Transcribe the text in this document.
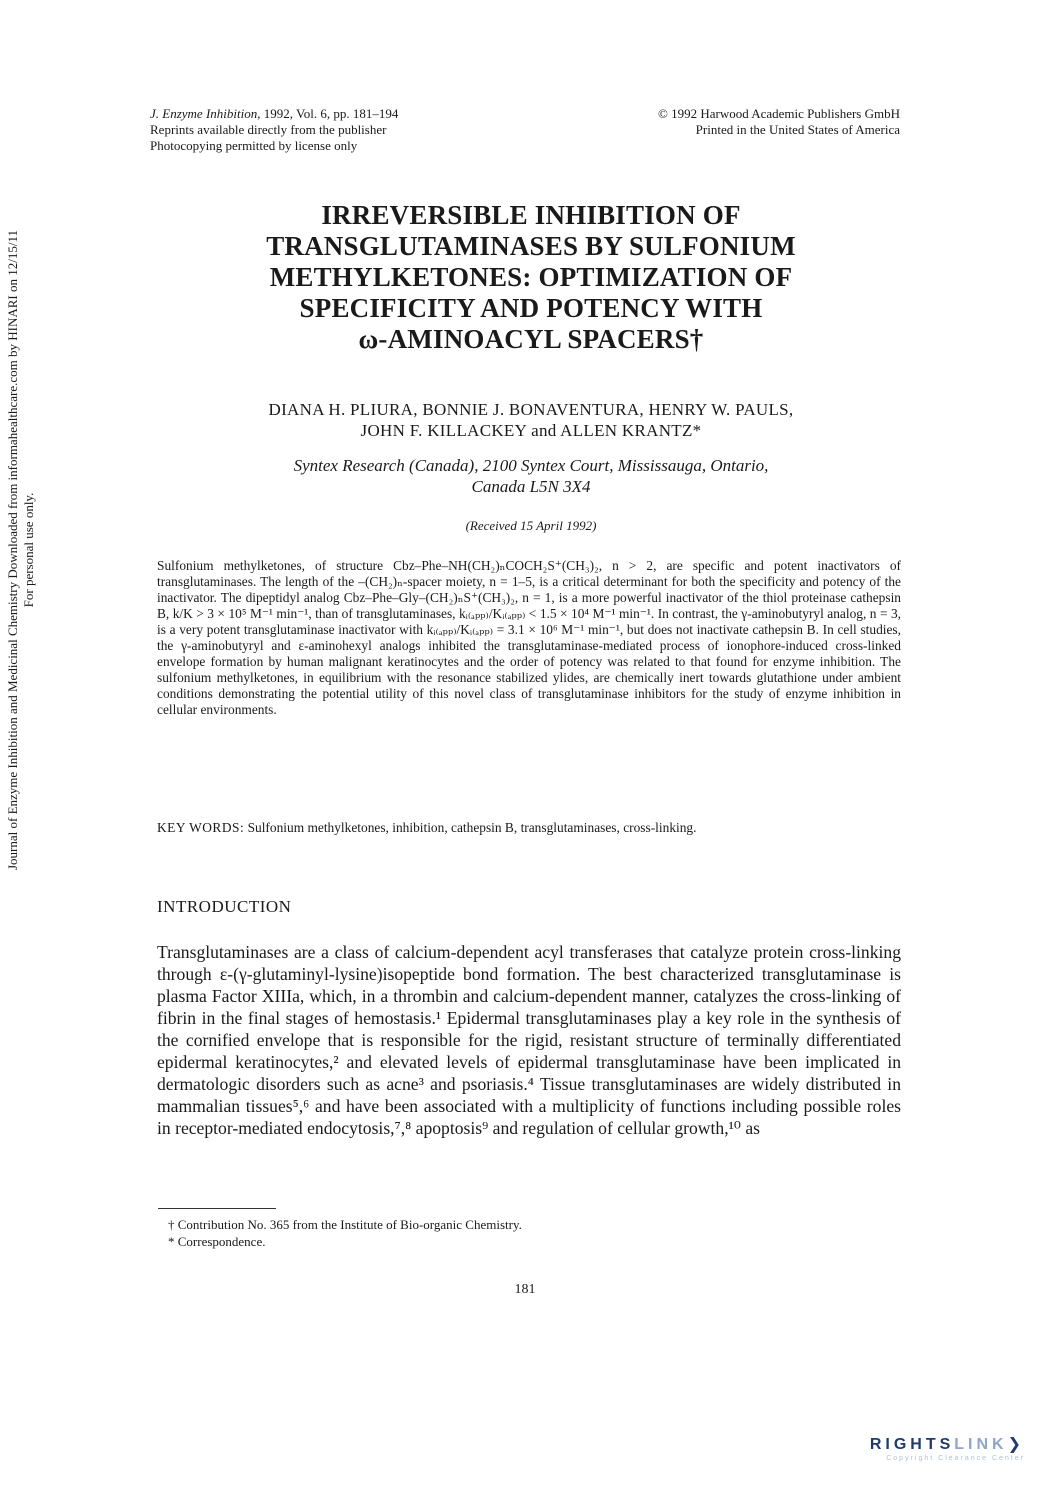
J. Enzyme Inhibition, 1992, Vol. 6, pp. 181–194
Reprints available directly from the publisher
Photocopying permitted by license only
© 1992 Harwood Academic Publishers GmbH
Printed in the United States of America
Journal of Enzyme Inhibition and Medicinal Chemistry Downloaded from informahealthcare.com by HINARI on 12/15/11 For personal use only.
IRREVERSIBLE INHIBITION OF
TRANSGLUTAMINASES BY SULFONIUM
METHYLKETONES: OPTIMIZATION OF
SPECIFICITY AND POTENCY WITH
ω-AMINOACYL SPACERS†
DIANA H. PLIURA, BONNIE J. BONAVENTURA, HENRY W. PAULS,
JOHN F. KILLACKEY and ALLEN KRANTZ*
Syntex Research (Canada), 2100 Syntex Court, Mississauga, Ontario,
Canada L5N 3X4
(Received 15 April 1992)
Sulfonium methylketones, of structure Cbz–Phe–NH(CH₂)ₙCOCH₂S⁺(CH₃)₂, n > 2, are specific and potent inactivators of transglutaminases. The length of the –(CH₂)ₙ-spacer moiety, n = 1–5, is a critical determinant for both the specificity and potency of the inactivator. The dipeptidyl analog Cbz–Phe–Gly–(CH₂)ₙS⁺(CH₃)₂, n = 1, is a more powerful inactivator of the thiol proteinase cathepsin B, k/K > 3 × 10⁵ M⁻¹ min⁻¹, than of transglutaminases, kᵢ₍ₐₚₚ₎/Kᵢ₍ₐₚₚ₎ < 1.5 × 10⁴ M⁻¹ min⁻¹. In contrast, the γ-aminobutyryl analog, n = 3, is a very potent transglutaminase inactivator with kᵢ₍ₐₚₚ₎/Kᵢ₍ₐₚₚ₎ = 3.1 × 10⁶ M⁻¹ min⁻¹, but does not inactivate cathepsin B. In cell studies, the γ-aminobutyryl and ε-aminohexyl analogs inhibited the transglutaminase-mediated process of ionophore-induced cross-linked envelope formation by human malignant keratinocytes and the order of potency was related to that found for enzyme inhibition. The sulfonium methylketones, in equilibrium with the resonance stabilized ylides, are chemically inert towards glutathione under ambient conditions demonstrating the potential utility of this novel class of transglutaminase inhibitors for the study of enzyme inhibition in cellular environments.
KEY WORDS: Sulfonium methylketones, inhibition, cathepsin B, transglutaminases, cross-linking.
INTRODUCTION
Transglutaminases are a class of calcium-dependent acyl transferases that catalyze protein cross-linking through ε-(γ-glutaminyl-lysine)isopeptide bond formation. The best characterized transglutaminase is plasma Factor XIIIa, which, in a thrombin and calcium-dependent manner, catalyzes the cross-linking of fibrin in the final stages of hemostasis.¹ Epidermal transglutaminases play a key role in the synthesis of the cornified envelope that is responsible for the rigid, resistant structure of terminally differentiated epidermal keratinocytes,² and elevated levels of epidermal transglutaminase have been implicated in dermatologic disorders such as acne³ and psoriasis.⁴ Tissue transglutaminases are widely distributed in mammalian tissues⁵,⁶ and have been associated with a multiplicity of functions including possible roles in receptor-mediated endocytosis,⁷,⁸ apoptosis⁹ and regulation of cellular growth,¹⁰ as
† Contribution No. 365 from the Institute of Bio-organic Chemistry.
* Correspondence.
181
RIGHTSLINK❯
Copyright Clearance Center
